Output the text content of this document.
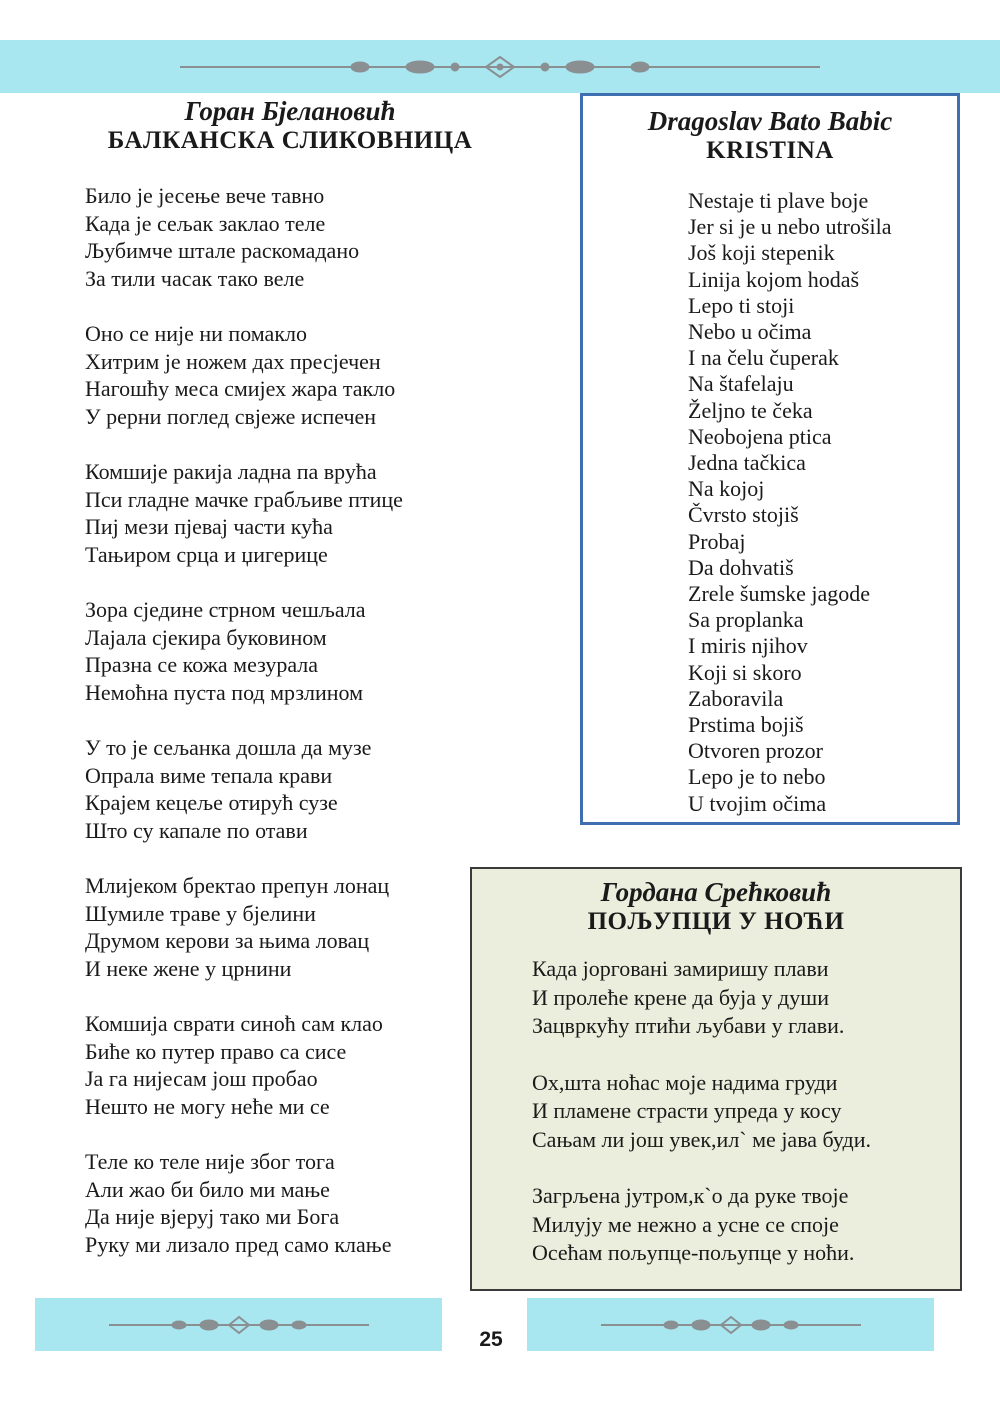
Горан Бјелановић

БАЛКАНСКА СЛИКОВНИЦА

Било је јесење вече тавно
Када је сељак заклао теле
Љубимче штале раскомадано
За тили часак тако веле
Оно се није ни помакло
Хитрим је ножем дах пресјечен
Нагошћу меса смијех жара такло
У рерни поглед свјеже испечен
Комшије ракија ладна па врућа
Пси гладне мачке грабљиве птице
Пиј мези пјевај части кућа
Тањиром срца и џигерице
Зора сједине стрном чешљала
Лајала сјекира буковином
Празна се кожа мезурала
Немоћна пуста под мрзлином
У то је сељанка дошла да музе
Опрала виме тепала крави
Крајем кецеље отирућ сузе
Што су капале по отави
Млијеком бректао препун лонац
Шумиле траве у бјелини
Друмом керови за њима ловац
И неке жене у црнини
Комшија сврати синоћ сам клао
Биће ко путер право са сисе
Ја га нијесам још пробао
Нешто не могу неће ми се
Теле ко теле није због тога
Али жао би било ми мање
Да није вјеруј тако ми Бога
Руку ми лизало пред само клање

Dragoslav Bato Babic

KRISTINA

Nestaje ti plave boje
Jer si je u nebo utrošila
Još koji stepenik
Linija kojom hodaš
Lepo ti stoji
Nebo u očima
I na čelu čuperak
Na štafelaju
Željno te čeka
Neobojena ptica
Jedna tačkica
Na kojoj
Čvrsto stojiš
Probaj
Da dohvatiš
Zrele šumske jagode
Sa proplanka
I miris njihov
Koji si skoro
Zaboravila
Prstima bojiš
Otvoren prozor
Lepo je to nebo
U tvojim očima

Гордана Срећковић

ПОЉУПЦИ У НОЋИ

Када јоргованi замиришу плави
И пролеће крене да буја у души
Зацвркућу птићи љубави у глави.
Ох,шта ноћас моје надима груди
И пламене страсти упреда у косу
Сањам ли још увек,ил` ме јава буди.
Загрљена јутром,к`о да руке твоје
Милују ме нежно а усне се споје
Осећам пољупце-пољупце у ноћи.
25
